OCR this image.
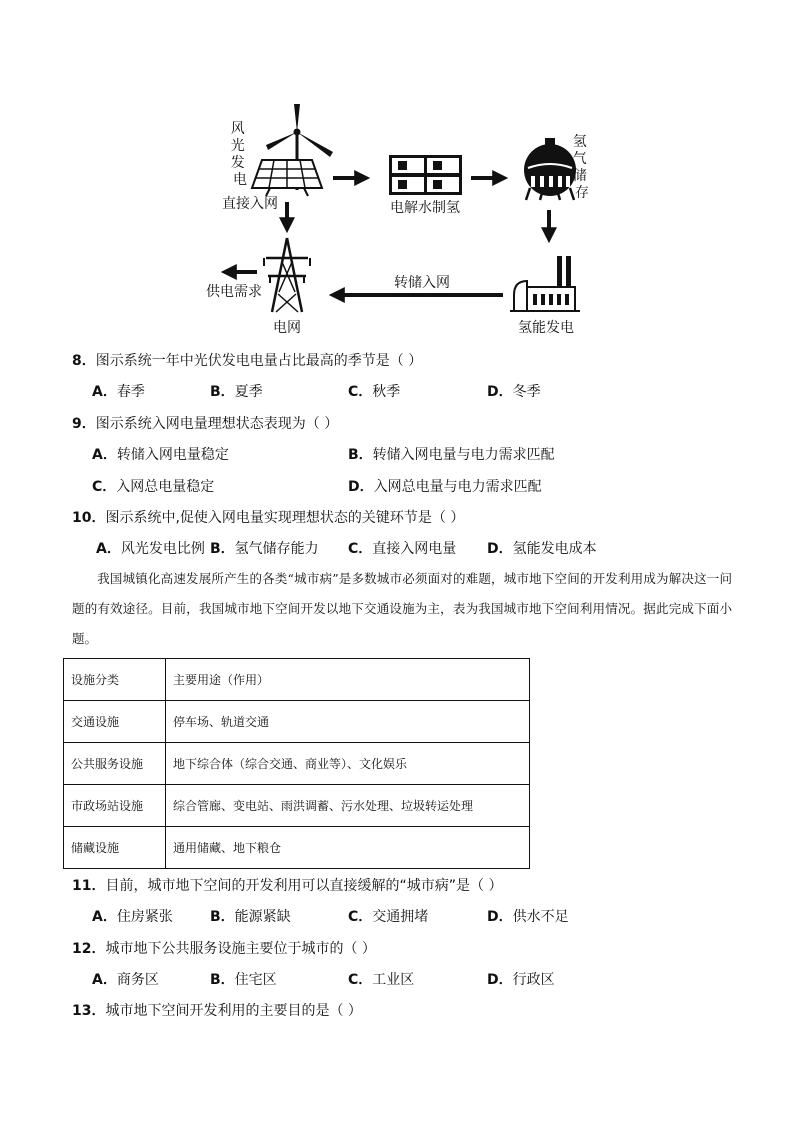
风 光 发 电
直接入网	电解水制氢
氢 气 储 存
氢能发电
转储入网
电网
供电需求
8．图示系统一年中光伏发电电量占比最高的季节是（ ）
A．春季	B．夏季	C．秋季	D．冬季
9．图示系统入网电量理想状态表现为（ ）
A．转储入网电量稳定	B．转储入网电量与电力需求匹配
C．入网总电量稳定	D．入网总电量与电力需求匹配
10．图示系统中,促使入网电量实现理想状态的关键环节是（ ）
A．风光发电比例 B．氢气储存能力 C．直接入网电量 D．氢能发电成本
我国城镇化高速发展所产生的各类“城市病”是多数城市必须面对的难题，城市地下空间的开发利用成为解决这一问题的有效途径。目前，我国城市地下空间开发以地下交通设施为主，表为我国城市地下空间利用情况。据此完成下面小题。
设施分类	主要用途（作用）
交通设施	停车场、轨道交通
公共服务设施	地下综合体（综合交通、商业等）、文化娱乐
市政场站设施	综合管廊、变电站、雨洪调蓄、污水处理、垃圾转运处理
储藏设施	通用储藏、地下粮仓
11．目前，城市地下空间的开发利用可以直接缓解的“城市病”是（ ）
A．住房紧张	B．能源紧缺	C．交通拥堵	D．供水不足
12．城市地下公共服务设施主要位于城市的（ ）
A．商务区	B．住宅区	C．工业区	D．行政区
13．城市地下空间开发利用的主要目的是（ ）
